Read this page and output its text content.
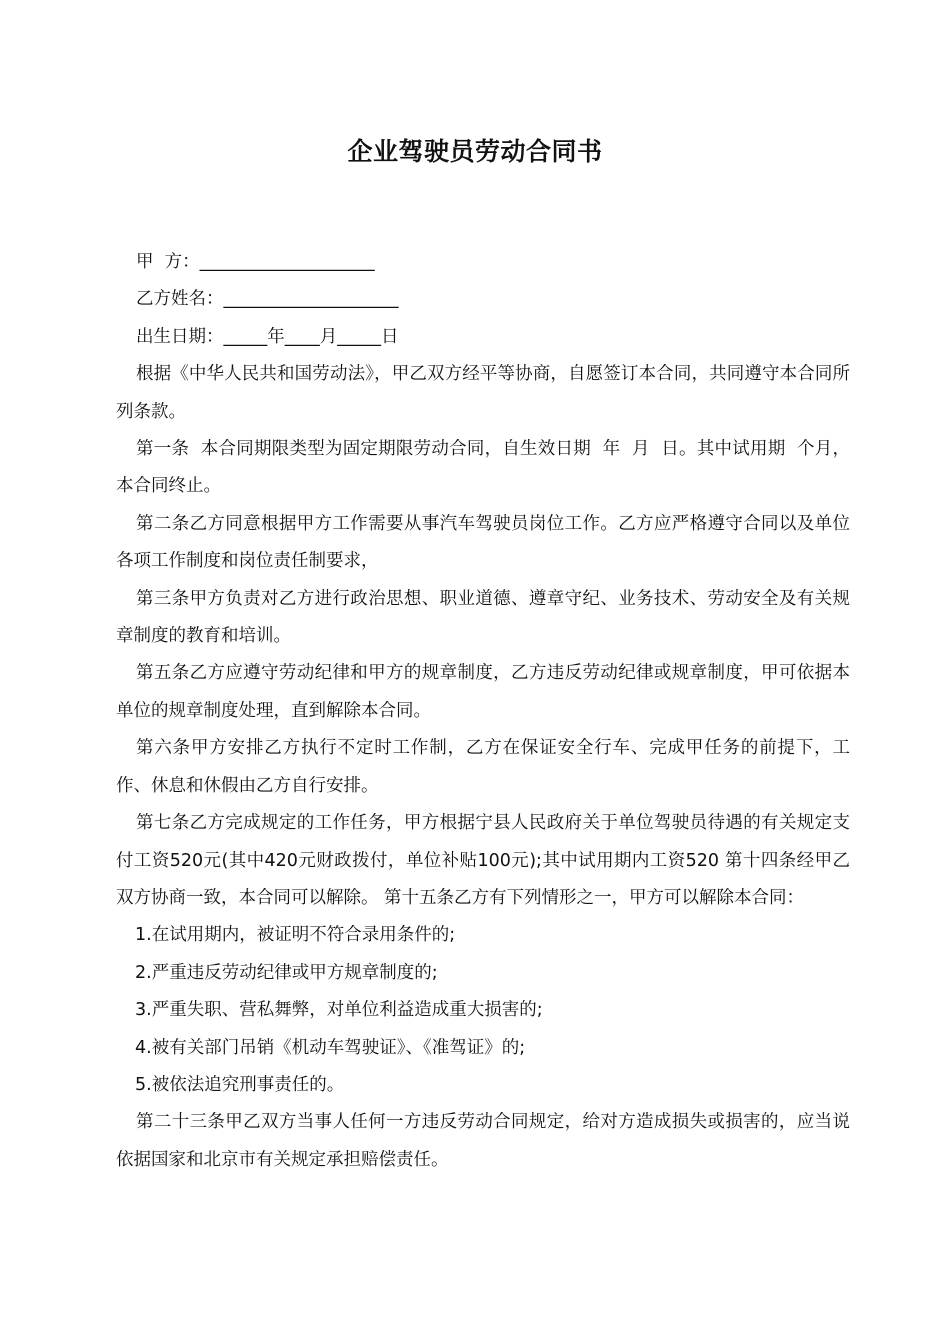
企业驾驶员劳动合同书

甲  方：____________________

乙方姓名：____________________

出生日期：_____年____月_____日

根据《中华人民共和国劳动法》，甲乙双方经平等协商，自愿签订本合同，共同遵守本合同所列条款。

第一条  本合同期限类型为固定期限劳动合同，自生效日期  年  月  日。其中试用期  个月，本合同终止。

第二条乙方同意根据甲方工作需要从事汽车驾驶员岗位工作。乙方应严格遵守合同以及单位各项工作制度和岗位责任制要求，

第三条甲方负责对乙方进行政治思想、职业道德、遵章守纪、业务技术、劳动安全及有关规章制度的教育和培训。

第五条乙方应遵守劳动纪律和甲方的规章制度，乙方违反劳动纪律或规章制度，甲可依据本单位的规章制度处理，直到解除本合同。

第六条甲方安排乙方执行不定时工作制，乙方在保证安全行车、完成甲任务的前提下，工作、休息和休假由乙方自行安排。

第七条乙方完成规定的工作任务，甲方根据宁县人民政府关于单位驾驶员待遇的有关规定支付工资520元(其中420元财政拨付，单位补贴100元);其中试用期内工资520 第十四条经甲乙双方协商一致，本合同可以解除。 第十五条乙方有下列情形之一，甲方可以解除本合同：

1.在试用期内，被证明不符合录用条件的;

2.严重违反劳动纪律或甲方规章制度的;

3.严重失职、营私舞弊，对单位利益造成重大损害的;

4.被有关部门吊销《机动车驾驶证》、《准驾证》的;

5.被依法追究刑事责任的。

第二十三条甲乙双方当事人任何一方违反劳动合同规定，给对方造成损失或损害的，应当说依据国家和北京市有关规定承担赔偿责任。
